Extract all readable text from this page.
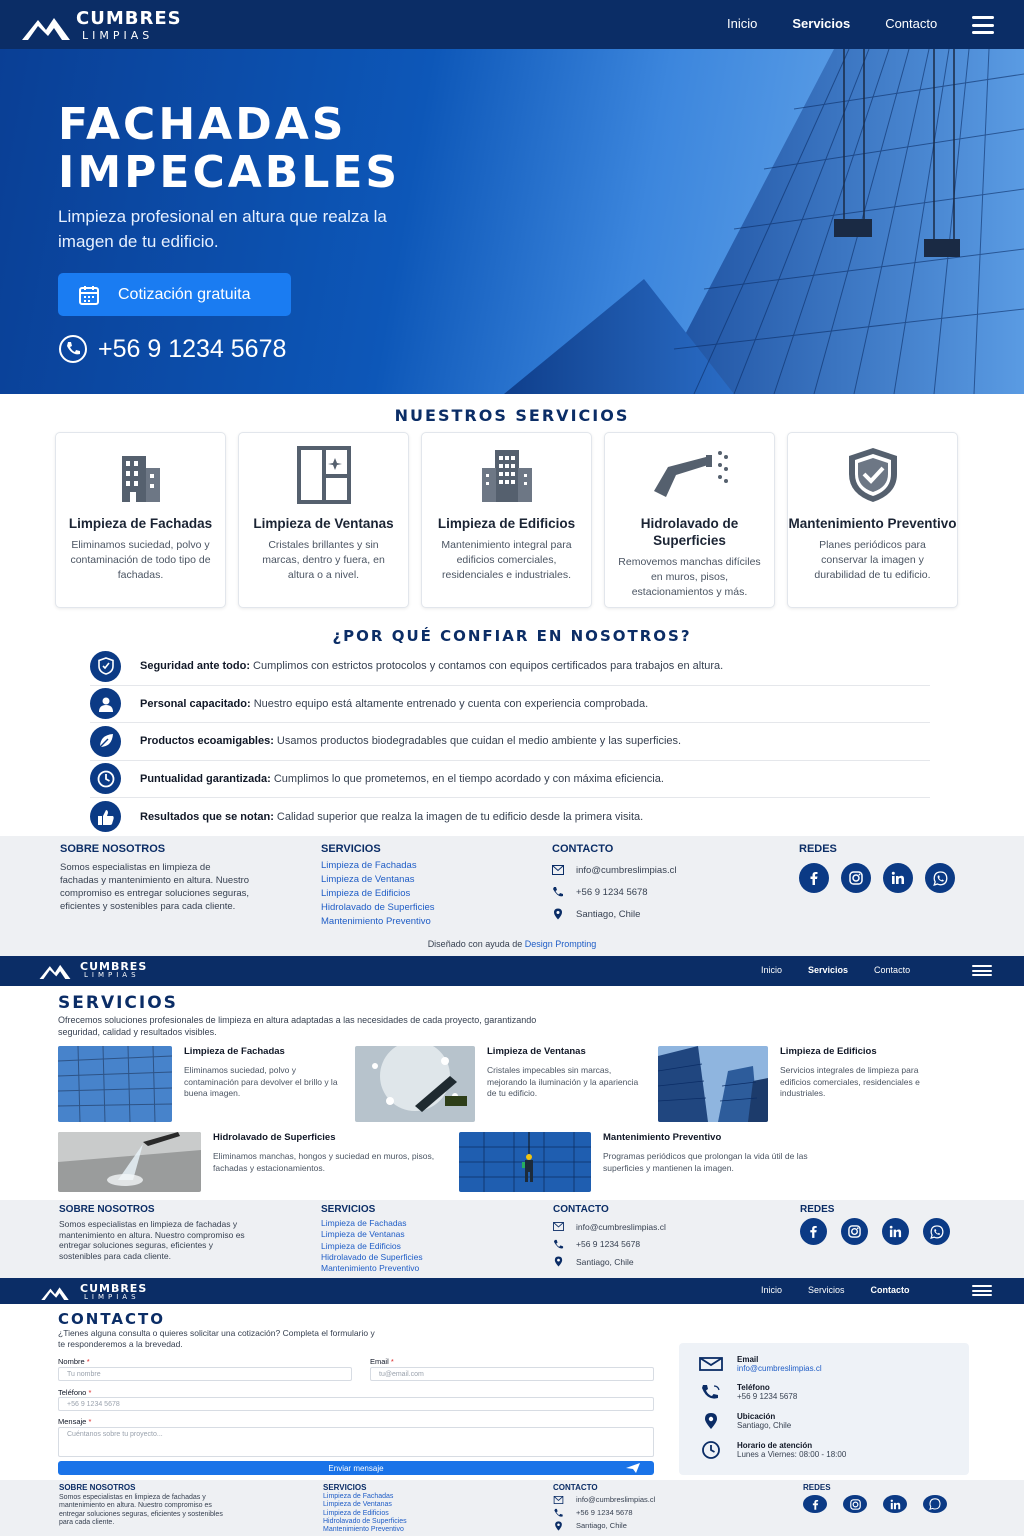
CUMBRES
LIMPIAS
Inicio	Servicios	Contacto
FACHADAS
IMPECABLES
Limpieza profesional en altura que realza la imagen de tu edificio.
Cotización gratuita
+56 9 1234 5678
NUESTROS SERVICIOS
Limpieza de Fachadas

Eliminamos suciedad, polvo y contaminación de todo tipo de fachadas.

Limpieza de Ventanas

Cristales brillantes y sin marcas, dentro y fuera, en altura o a nivel.

Limpieza de Edificios

Mantenimiento integral para edificios comerciales, residenciales e industriales.

Hidrolavado de Superficies

Removemos manchas difíciles en muros, pisos, estacionamientos y más.

Mantenimiento Preventivo

Planes periódicos para conservar la imagen y durabilidad de tu edificio.

¿POR QUÉ CONFIAR EN NOSOTROS?
Seguridad ante todo: Cumplimos con estrictos protocolos y contamos con equipos certificados para trabajos en altura.
Personal capacitado: Nuestro equipo está altamente entrenado y cuenta con experiencia comprobada.
Productos ecoamigables: Usamos productos biodegradables que cuidan el medio ambiente y las superficies.
Puntualidad garantizada: Cumplimos lo que prometemos, en el tiempo acordado y con máxima eficiencia.
Resultados que se notan: Calidad superior que realza la imagen de tu edificio desde la primera visita.
SOBRE NOSOTROS
Somos especialistas en limpieza de fachadas y mantenimiento en altura. Nuestro compromiso es entregar soluciones seguras, eficientes y sostenibles para cada cliente.
SERVICIOS
Limpieza de Fachadas
Limpieza de Ventanas
Limpieza de Edificios
Hidrolavado de Superficies
Mantenimiento Preventivo
CONTACTO
info@cumbreslimpias.cl
+56 9 1234 5678
Santiago, Chile
REDES
Diseñado con ayuda de Design Prompting
CUMBRES
LIMPIAS	Inicio	Servicios	Contacto
SERVICIOS
Ofrecemos soluciones profesionales de limpieza en altura adaptadas a las necesidades de cada proyecto, garantizando seguridad, calidad y resultados visibles.
Limpieza de Fachadas

Eliminamos suciedad, polvo y contaminación para devolver el brillo y la buena imagen.

Limpieza de Ventanas

Cristales impecables sin marcas, mejorando la iluminación y la apariencia de tu edificio.

Limpieza de Edificios

Servicios integrales de limpieza para edificios comerciales, residenciales e industriales.

Hidrolavado de Superficies

Eliminamos manchas, hongos y suciedad en muros, pisos, fachadas y estacionamientos.

Mantenimiento Preventivo

Programas periódicos que prolongan la vida útil de las superficies y mantienen la imagen.

SOBRE NOSOTROS
Somos especialistas en limpieza de fachadas y mantenimiento en altura. Nuestro compromiso es entregar soluciones seguras, eficientes y sostenibles para cada cliente.
SERVICIOS
Limpieza de Fachadas
Limpieza de Ventanas
Limpieza de Edificios
Hidrolavado de Superficies
Mantenimiento Preventivo
CONTACTO
info@cumbreslimpias.cl
+56 9 1234 5678
Santiago, Chile
REDES
CUMBRES
LIMPIAS
Inicio	Servicios	Contacto
CONTACTO
¿Tienes alguna consulta o quieres solicitar una cotización? Completa el formulario y te responderemos a la brevedad.
Nombre *
Tu nombre
Email *
tu@email.com
Teléfono *
+56 9 1234 5678
Mensaje *
Cuéntanos sobre tu proyecto...
Enviar mensaje
Email
info@cumbreslimpias.cl
Teléfono
+56 9 1234 5678
Ubicación
Santiago, Chile
Horario de atención
Lunes a Viernes: 08:00 - 18:00
SOBRE NOSOTROS
Somos especialistas en limpieza de fachadas y mantenimiento en altura. Nuestro compromiso es entregar soluciones seguras, eficientes y sostenibles para cada cliente.
SERVICIOS
Limpieza de Fachadas
Limpieza de Ventanas
Limpieza de Edificios
Hidrolavado de Superficies
Mantenimiento Preventivo
CONTACTO
info@cumbreslimpias.cl
+56 9 1234 5678
Santiago, Chile
REDES
